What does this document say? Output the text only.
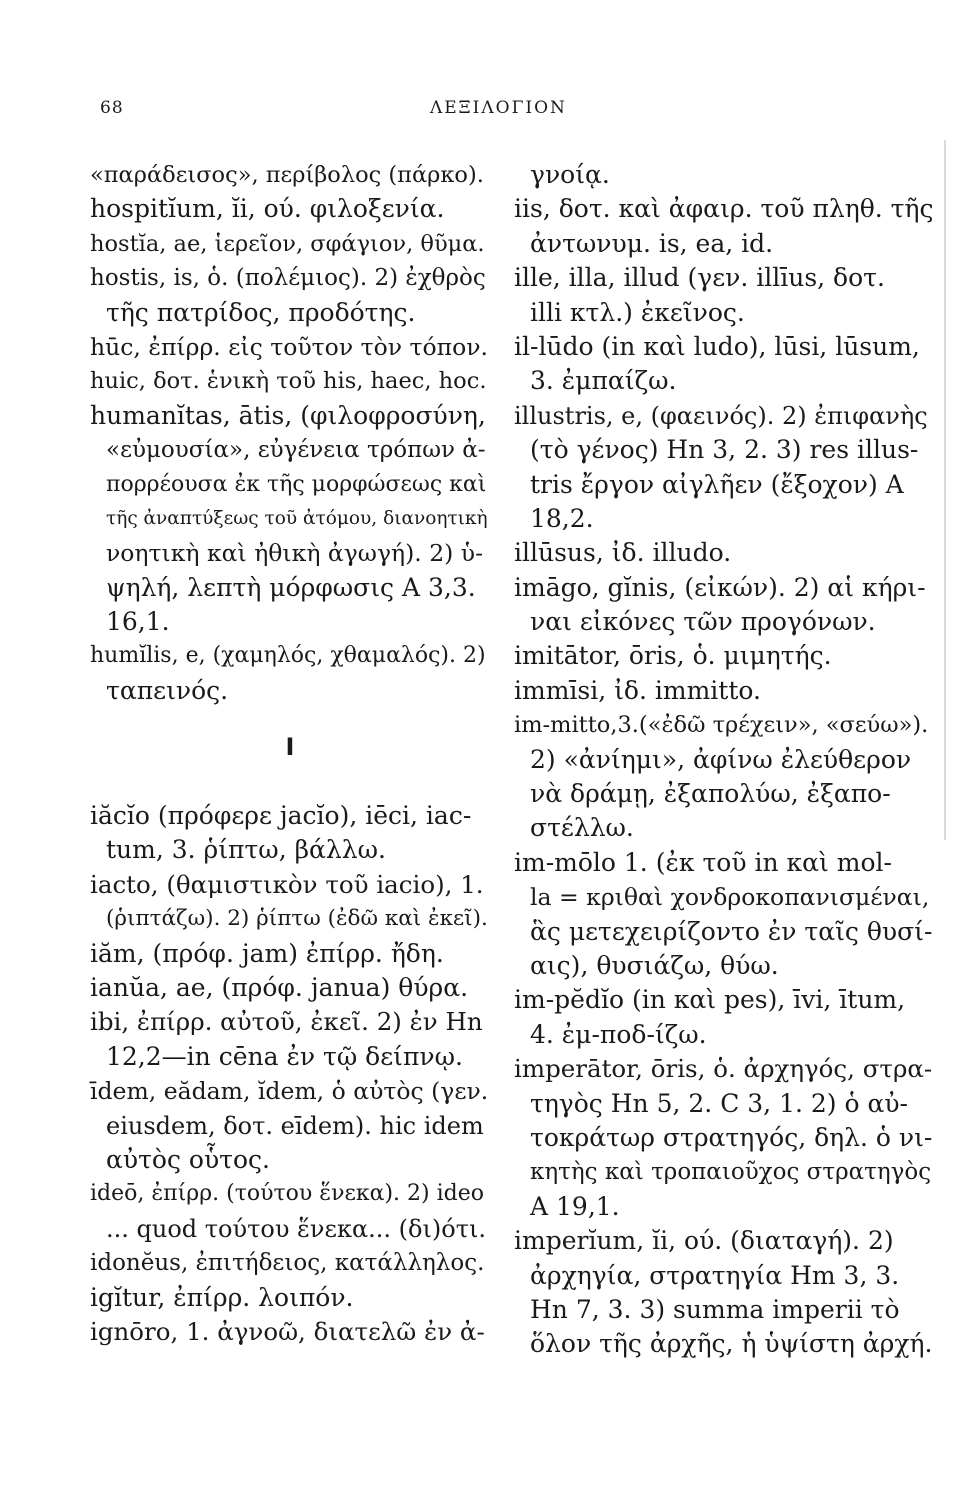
68	ΛΕΞΙΛΟΓΙΟΝ
«παράδεισος», περίβολος (πάρκο).
hospitĭum, ĭi, ού. φιλοξενία.
hostĭa, ae, ἱερεῖον, σφάγιον, θῦμα.
hostis, is, ὁ. (πολέμιος). 2) ἐχθρὸς
τῆς πατρίδος, προδότης.
hūc, ἐπίρρ. εἰς τοῦτον τὸν τόπον.
huic, δοτ. ἑνικὴ τοῦ his, haec, hoc.
humanĭtas, ātis, (φιλοφροσύνη,
«εὐμουσία», εὐγένεια τρόπων ἀ-
πορρέουσα ἐκ τῆς μορφώσεως καὶ
τῆς ἀναπτύξεως τοῦ ἀτόμου, διανοητικὴ
νοητικὴ καὶ ἠθικὴ ἀγωγή). 2) ὑ-
ψηλή, λεπτὴ μόρφωσις Α 3,3.
16,1.
humĭlis, e, (χαμηλός, χθαμαλός). 2)
ταπεινός.
I
iăcĭo (πρόφερε jacĭo), iēci, iac-
tum, 3. ῥίπτω, βάλλω.
iacto, (θαμιστικὸν τοῦ iacio), 1.
(ῥιπτάζω). 2) ῥίπτω (ἐδῶ καὶ ἐκεῖ).
iăm, (πρόφ. jam) ἐπίρρ. ἤδη.
ianŭa, ae, (πρόφ. janua) θύρα.
ibi, ἐπίρρ. αὐτοῦ, ἐκεῖ. 2) ἐν Hn
12,2—in cēna ἐν τῷ δείπνῳ.
īdem, eădam, ĭdem, ὁ αὐτὸς (γεν.
eiusdem, δοτ. eīdem). hic idem
αὐτὸς οὗτος.
ideō, ἐπίρρ. (τούτου ἕνεκα). 2) ideo
... quod τούτου ἕνεκα... (δι)ότι.
idonĕus, ἐπιτήδειος, κατάλληλος.
igĭtur, ἐπίρρ. λοιπόν.
ignōro, 1. ἀγνοῶ, διατελῶ ἐν ἀ-
γνοίᾳ.
iis, δοτ. καὶ ἀφαιρ. τοῦ πληθ. τῆς
ἀντωνυμ. is, ea, id.
ille, illa, illud (γεν. illīus, δοτ.
illi κτλ.) ἐκεῖνος.
il-lūdo (in καὶ ludo), lūsi, lūsum,
3. ἐμπαίζω.
illustris, e, (φαεινός). 2) ἐπιφανὴς
(τὸ γένος) Hn 3, 2. 3) res illus-
tris ἔργον αἰγλῆεν (ἔξοχον) Α
18,2.
illūsus, ἰδ. illudo.
imāgo, gĭnis, (εἰκών). 2) αἱ κήρι-
ναι εἰκόνες τῶν προγόνων.
imitātor, ōris, ὁ. μιμητής.
immīsi, ἰδ. immitto.
im-mitto,3.(«ἐδῶ τρέχειν», «σεύω»).
2) «ἀνίημι», ἀφίνω ἐλεύθερον
νὰ δράμῃ, ἐξαπολύω, ἐξαπο-
στέλλω.
im-mōlo 1. (ἐκ τοῦ in καὶ mol-
la = κριθαὶ χονδροκοπανισμέναι,
ἃς μετεχειρίζοντο ἐν ταῖς θυσί-
αις), θυσιάζω, θύω.
im-pĕdĭo (in καὶ pes), īvi, ītum,
4. ἐμ-ποδ-ίζω.
imperātor, ōris, ὁ. ἀρχηγός, στρα-
τηγὸς Hn 5, 2. C 3, 1. 2) ὁ αὐ-
τοκράτωρ στρατηγός, δηλ. ὁ νι-
κητὴς καὶ τροπαιοῦχος στρατηγὸς
Α 19,1.
imperĭum, ĭi, ού. (διαταγή). 2)
ἀρχηγία, στρατηγία Hm 3, 3.
Hn 7, 3. 3) summa imperii τὸ
ὅλον τῆς ἀρχῆς, ἡ ὑψίστη ἀρχή.
